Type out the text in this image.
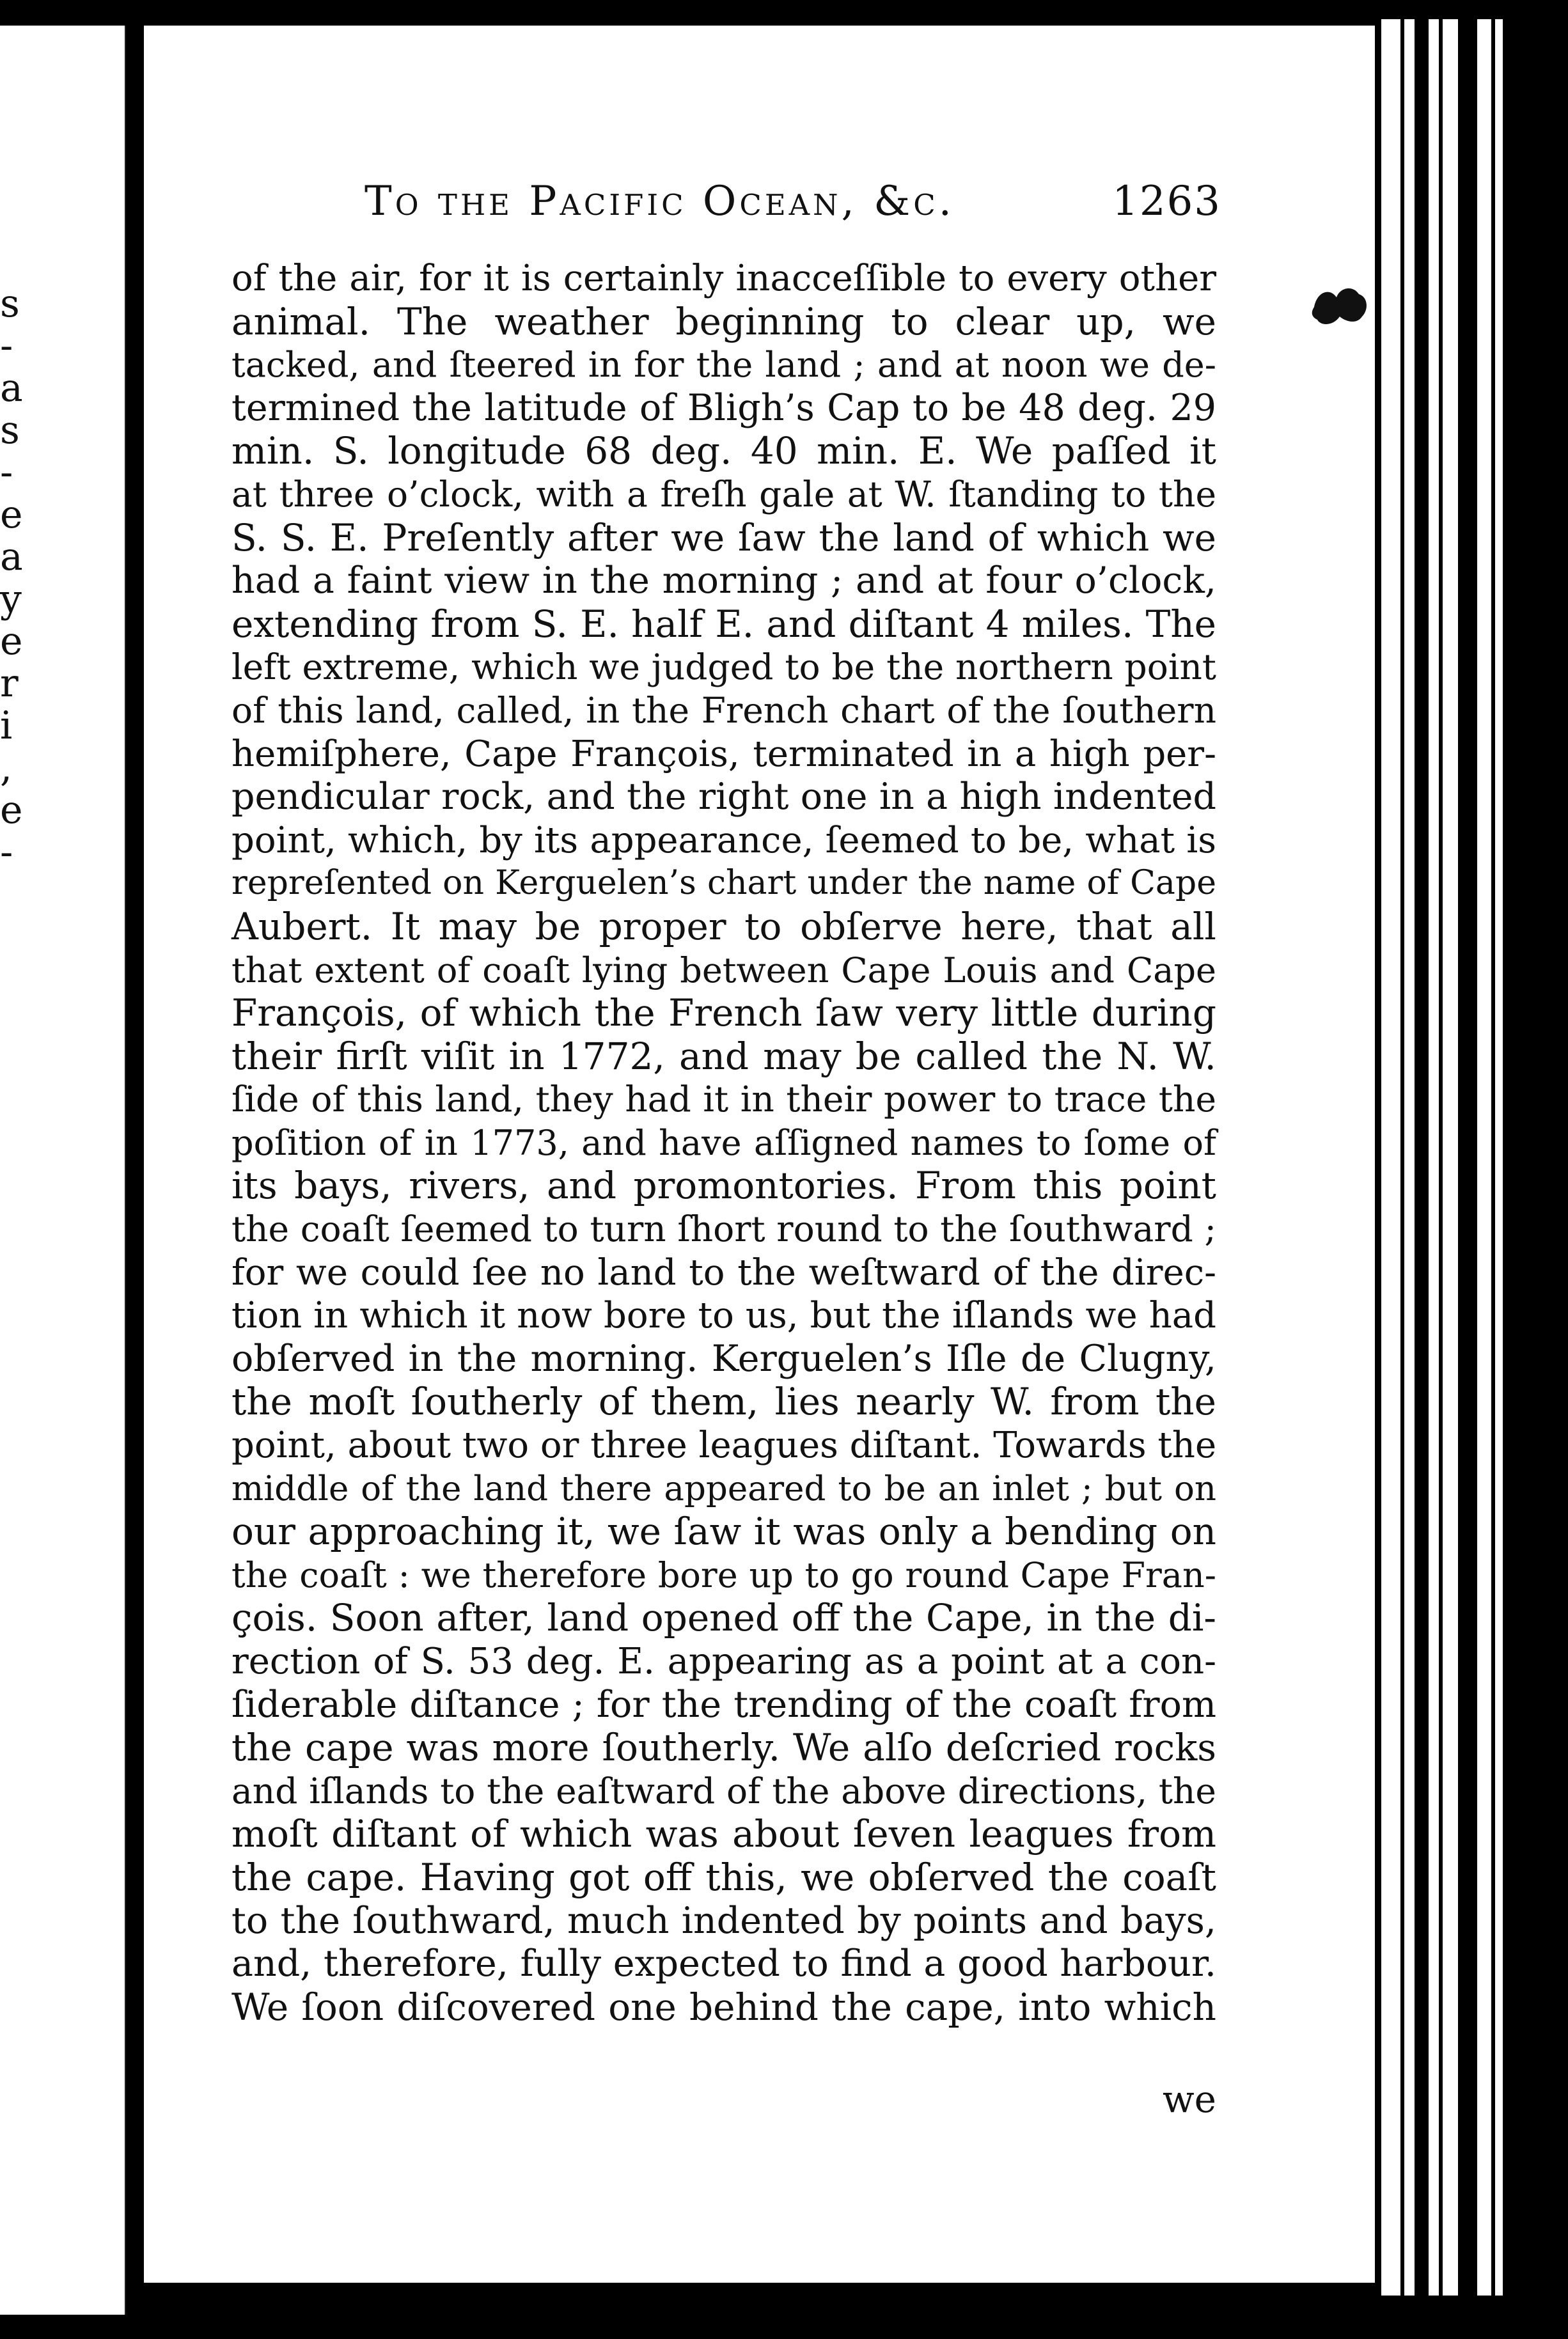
s
-
a
s
-
e
a
y
e
r
i
,
e
-
To the Pacific Ocean, &c.	1263
of the air, for it is certainly inacceſſible to every other
animal. The weather beginning to clear up, we
tacked, and ſteered in for the land ; and at noon we de-
termined the latitude of Bligh’s Cap to be 48 deg. 29
min. S. longitude 68 deg. 40 min. E. We paſſed it
at three o’clock, with a freſh gale at W. ſtanding to the
S. S. E. Preſently after we ſaw the land of which we
had a faint view in the morning ; and at four o’clock,
extending from S. E. half E. and diſtant 4 miles. The
left extreme, which we judged to be the northern point
of this land, called, in the French chart of the ſouthern
hemiſphere, Cape François, terminated in a high per-
pendicular rock, and the right one in a high indented
point, which, by its appearance, ſeemed to be, what is
repreſented on Kerguelen’s chart under the name of Cape
Aubert. It may be proper to obſerve here, that all
that extent of coaſt lying between Cape Louis and Cape
François, of which the French ſaw very little during
their firſt viſit in 1772, and may be called the N. W.
ſide of this land, they had it in their power to trace the
poſition of in 1773, and have aſſigned names to ſome of
its bays, rivers, and promontories. From this point
the coaſt ſeemed to turn ſhort round to the ſouthward ;
for we could ſee no land to the weſtward of the direc-
tion in which it now bore to us, but the iſlands we had
obſerved in the morning. Kerguelen’s Iſle de Clugny,
the moſt ſoutherly of them, lies nearly W. from the
point, about two or three leagues diſtant. Towards the
middle of the land there appeared to be an inlet ; but on
our approaching it, we ſaw it was only a bending on
the coaſt : we therefore bore up to go round Cape Fran-
çois. Soon after, land opened off the Cape, in the di-
rection of S. 53 deg. E. appearing as a point at a con-
ſiderable diſtance ; for the trending of the coaſt from
the cape was more ſoutherly. We alſo deſcried rocks
and iſlands to the eaſtward of the above directions, the
moſt diſtant of which was about ſeven leagues from
the cape. Having got off this, we obſerved the coaſt
to the ſouthward, much indented by points and bays,
and, therefore, fully expected to find a good harbour.
We ſoon diſcovered one behind the cape, into which
we
